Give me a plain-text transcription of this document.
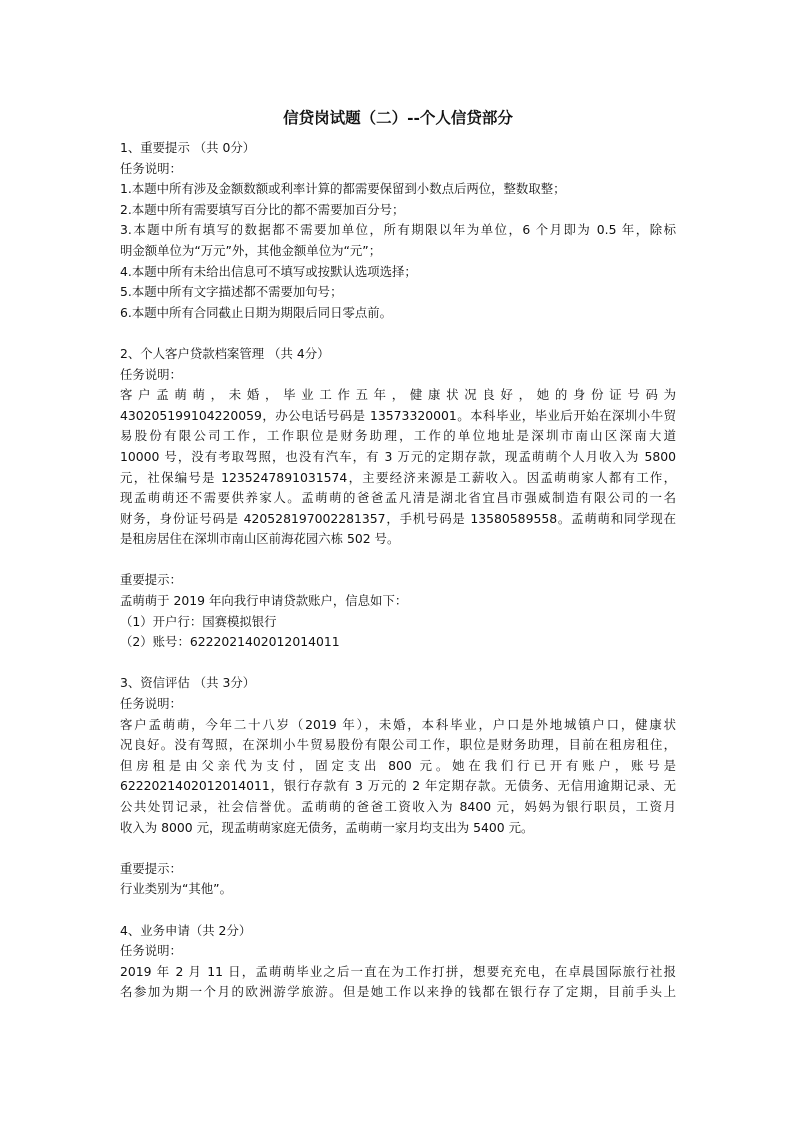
信贷岗试题（二）--个人信贷部分
1、重要提示 （共 0分）
任务说明：
1.本题中所有涉及金额数额或利率计算的都需要保留到小数点后两位，整数取整；
2.本题中所有需要填写百分比的都不需要加百分号；
3.本题中所有填写的数据都不需要加单位，所有期限以年为单位，6 个月即为 0.5 年，除标
明金额单位为“万元”外，其他金额单位为“元”；
4.本题中所有未给出信息可不填写或按默认选项选择；
5.本题中所有文字描述都不需要加句号；
6.本题中所有合同截止日期为期限后同日零点前。
2、个人客户贷款档案管理 （共 4分）
任务说明：
客户孟萌萌，未婚，毕业工作五年，健康状况良好，她的身份证号码为
430205199104220059，办公电话号码是 13573320001。本科毕业，毕业后开始在深圳小牛贸
易股份有限公司工作，工作职位是财务助理，工作的单位地址是深圳市南山区深南大道
10000 号，没有考取驾照，也没有汽车，有 3 万元的定期存款，现孟萌萌个人月收入为 5800
元，社保编号是 1235247891031574，主要经济来源是工薪收入。因孟萌萌家人都有工作，
现孟萌萌还不需要供养家人。孟萌萌的爸爸孟凡清是湖北省宜昌市强威制造有限公司的一名
财务，身份证号码是 420528197002281357，手机号码是 13580589558。孟萌萌和同学现在
是租房居住在深圳市南山区前海花园六栋 502 号。
重要提示：
孟萌萌于 2019 年向我行申请贷款账户，信息如下：
（1）开户行：国赛模拟银行
（2）账号：6222021402012014011
3、资信评估 （共 3分）
任务说明：
客户孟萌萌，今年二十八岁（2019 年），未婚，本科毕业，户口是外地城镇户口，健康状
况良好。没有驾照，在深圳小牛贸易股份有限公司工作，职位是财务助理，目前在租房租住，
但房租是由父亲代为支付，固定支出 800 元。她在我们行已开有账户，账号是
6222021402012014011，银行存款有 3 万元的 2 年定期存款。无债务、无信用逾期记录、无
公共处罚记录，社会信誉优。孟萌萌的爸爸工资收入为 8400 元，妈妈为银行职员，工资月
收入为 8000 元，现孟萌萌家庭无债务，孟萌萌一家月均支出为 5400 元。
重要提示：
行业类别为“其他”。
4、业务申请（共 2分）
任务说明：
2019 年 2 月 11 日，孟萌萌毕业之后一直在为工作打拼，想要充充电，在卓晨国际旅行社报
名参加为期一个月的欧洲游学旅游。但是她工作以来挣的钱都在银行存了定期，目前手头上
